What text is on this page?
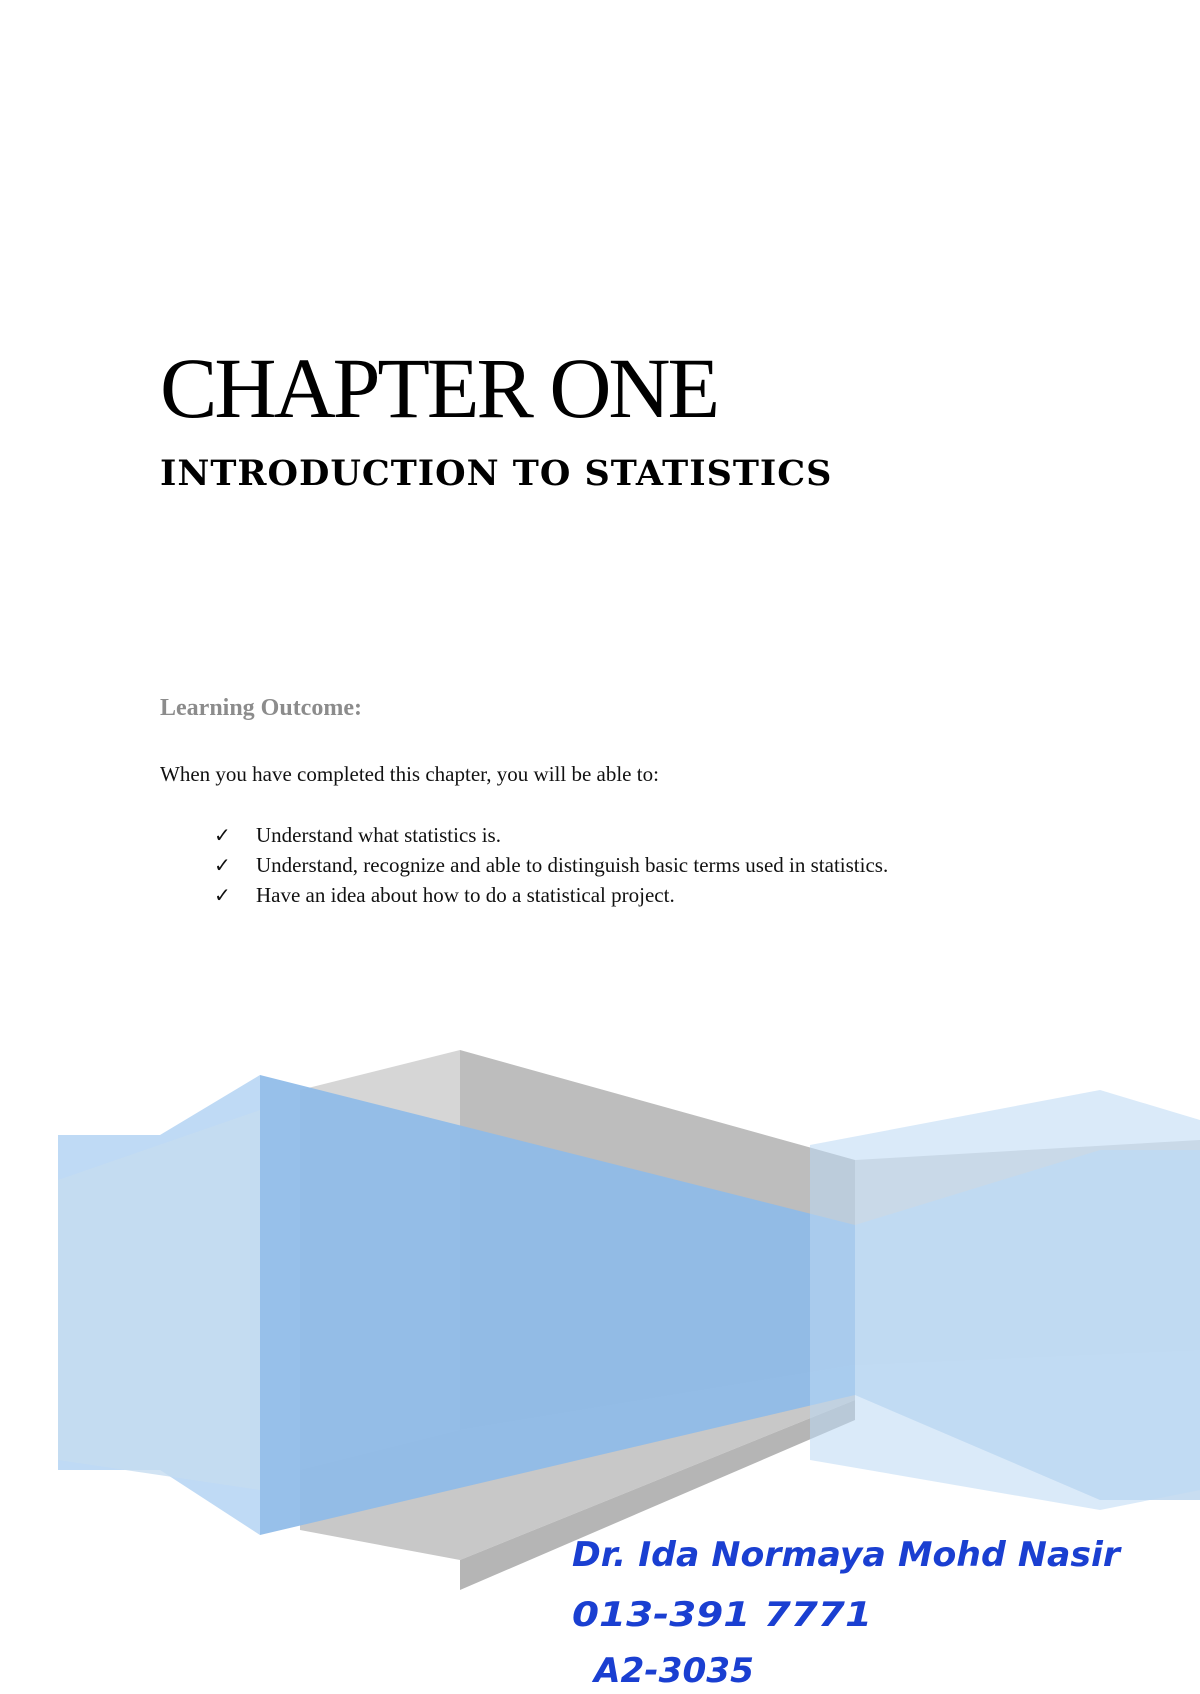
CHAPTER ONE
INTRODUCTION TO STATISTICS
Learning Outcome:

When you have completed this chapter, you will be able to:

✓	Understand what statistics is.
✓	Understand, recognize and able to distinguish basic terms used in statistics.
✓	Have an idea about how to do a statistical project.
Dr. Ida Normaya Mohd Nasir
013-391 7771
A2-3035
